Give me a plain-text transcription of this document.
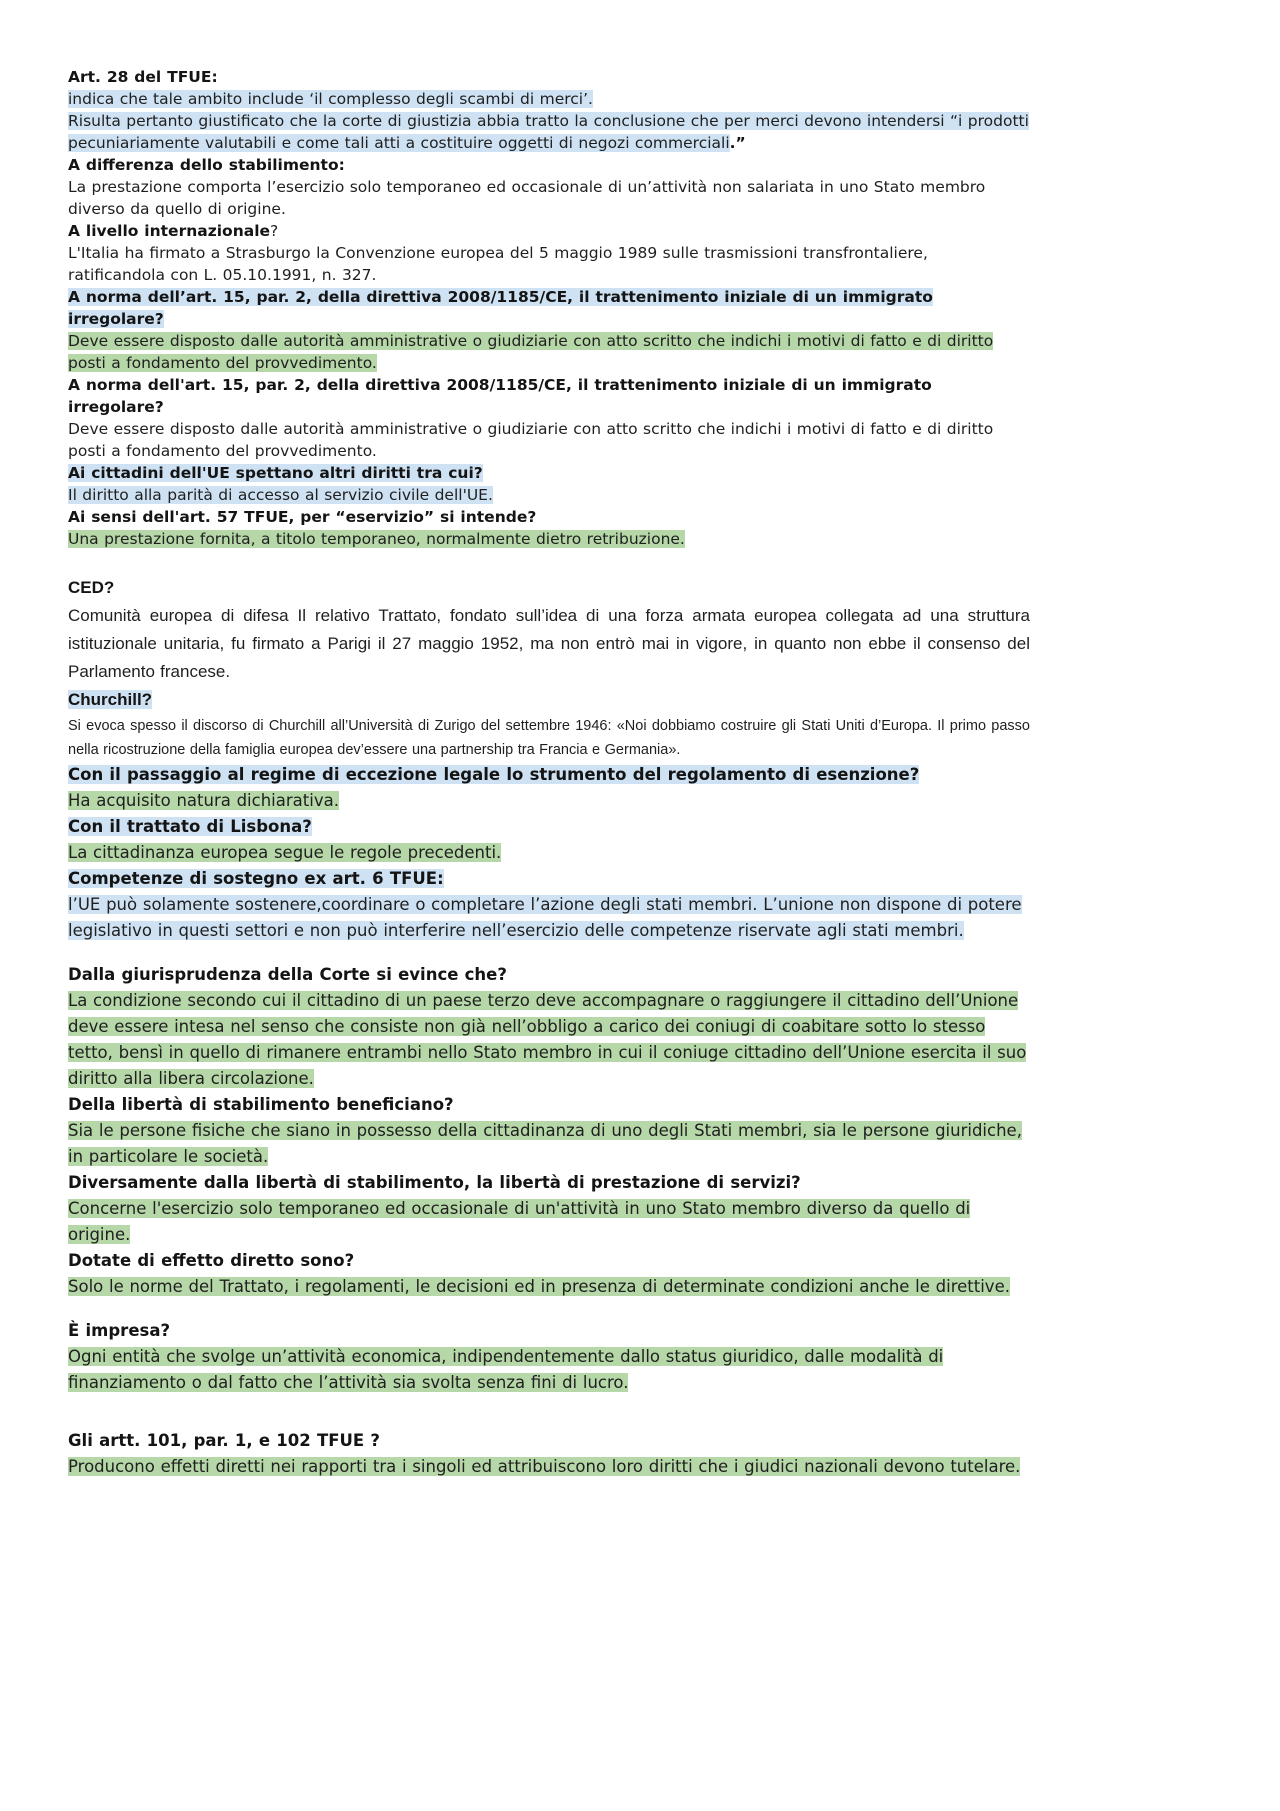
Art. 28 del TFUE:

indica che tale ambito include ‘il complesso degli scambi di merci’.

Risulta pertanto giustificato che la corte di giustizia abbia tratto la conclusione che per merci devono intendersi “i prodotti pecuniariamente valutabili e come tali atti a costituire oggetti di negozi commerciali.”

A differenza dello stabilimento:

La prestazione comporta l’esercizio solo temporaneo ed occasionale di un’attività non salariata in uno Stato membro diverso da quello di origine.

A livello internazionale?

L'Italia ha firmato a Strasburgo la Convenzione europea del 5 maggio 1989 sulle trasmissioni transfrontaliere, ratificandola con L. 05.10.1991, n. 327.

A norma dell’art. 15, par. 2, della direttiva 2008/1185/CE, il trattenimento iniziale di un immigrato irregolare?

Deve essere disposto dalle autorità amministrative o giudiziarie con atto scritto che indichi i motivi di fatto e di diritto posti a fondamento del provvedimento.

A norma dell'art. 15, par. 2, della direttiva 2008/1185/CE, il trattenimento iniziale di un immigrato irregolare?

Deve essere disposto dalle autorità amministrative o giudiziarie con atto scritto che indichi i motivi di fatto e di diritto posti a fondamento del provvedimento.

Ai cittadini dell'UE spettano altri diritti tra cui?

Il diritto alla parità di accesso al servizio civile dell'UE.

Ai sensi dell'art. 57 TFUE, per “eservizio” si intende?

Una prestazione fornita, a titolo temporaneo, normalmente dietro retribuzione.

CED?

Comunità europea di difesa Il relativo Trattato, fondato sull’idea di una forza armata europea collegata ad una struttura istituzionale unitaria, fu firmato a Parigi il 27 maggio 1952, ma non entrò mai in vigore, in quanto non ebbe il consenso del Parlamento francese.

Churchill?

Si evoca spesso il discorso di Churchill all’Università di Zurigo del settembre 1946: «Noi dobbiamo costruire gli Stati Uniti d’Europa. Il primo passo nella ricostruzione della famiglia europea dev’essere una partnership tra Francia e Germania».

Con il passaggio al regime di eccezione legale lo strumento del regolamento di esenzione?

Ha acquisito natura dichiarativa.

Con il trattato di Lisbona?

La cittadinanza europea segue le regole precedenti.

Competenze di sostegno ex art. 6 TFUE:

l’UE può solamente sostenere,coordinare o completare l’azione degli stati membri. L’unione non dispone di potere legislativo in questi settori e non può interferire nell’esercizio delle competenze riservate agli stati membri.

Dalla giurisprudenza della Corte si evince che?

La condizione secondo cui il cittadino di un paese terzo deve accompagnare o raggiungere il cittadino dell’Unione deve essere intesa nel senso che consiste non già nell’obbligo a carico dei coniugi di coabitare sotto lo stesso tetto, bensì in quello di rimanere entrambi nello Stato membro in cui il coniuge cittadino dell’Unione esercita il suo diritto alla libera circolazione.

Della libertà di stabilimento beneficiano?

Sia le persone fisiche che siano in possesso della cittadinanza di uno degli Stati membri, sia le persone giuridiche, in particolare le società.

Diversamente dalla libertà di stabilimento, la libertà di prestazione di servizi?

Concerne l'esercizio solo temporaneo ed occasionale di un'attività in uno Stato membro diverso da quello di origine.

Dotate di effetto diretto sono?

Solo le norme del Trattato, i regolamenti, le decisioni ed in presenza di determinate condizioni anche le direttive.

È impresa?

Ogni entità che svolge un’attività economica, indipendentemente dallo status giuridico, dalle modalità di finanziamento o dal fatto che l’attività sia svolta senza fini di lucro.

Gli artt. 101, par. 1, e 102 TFUE ?

Producono effetti diretti nei rapporti tra i singoli ed attribuiscono loro diritti che i giudici nazionali devono tutelare.
